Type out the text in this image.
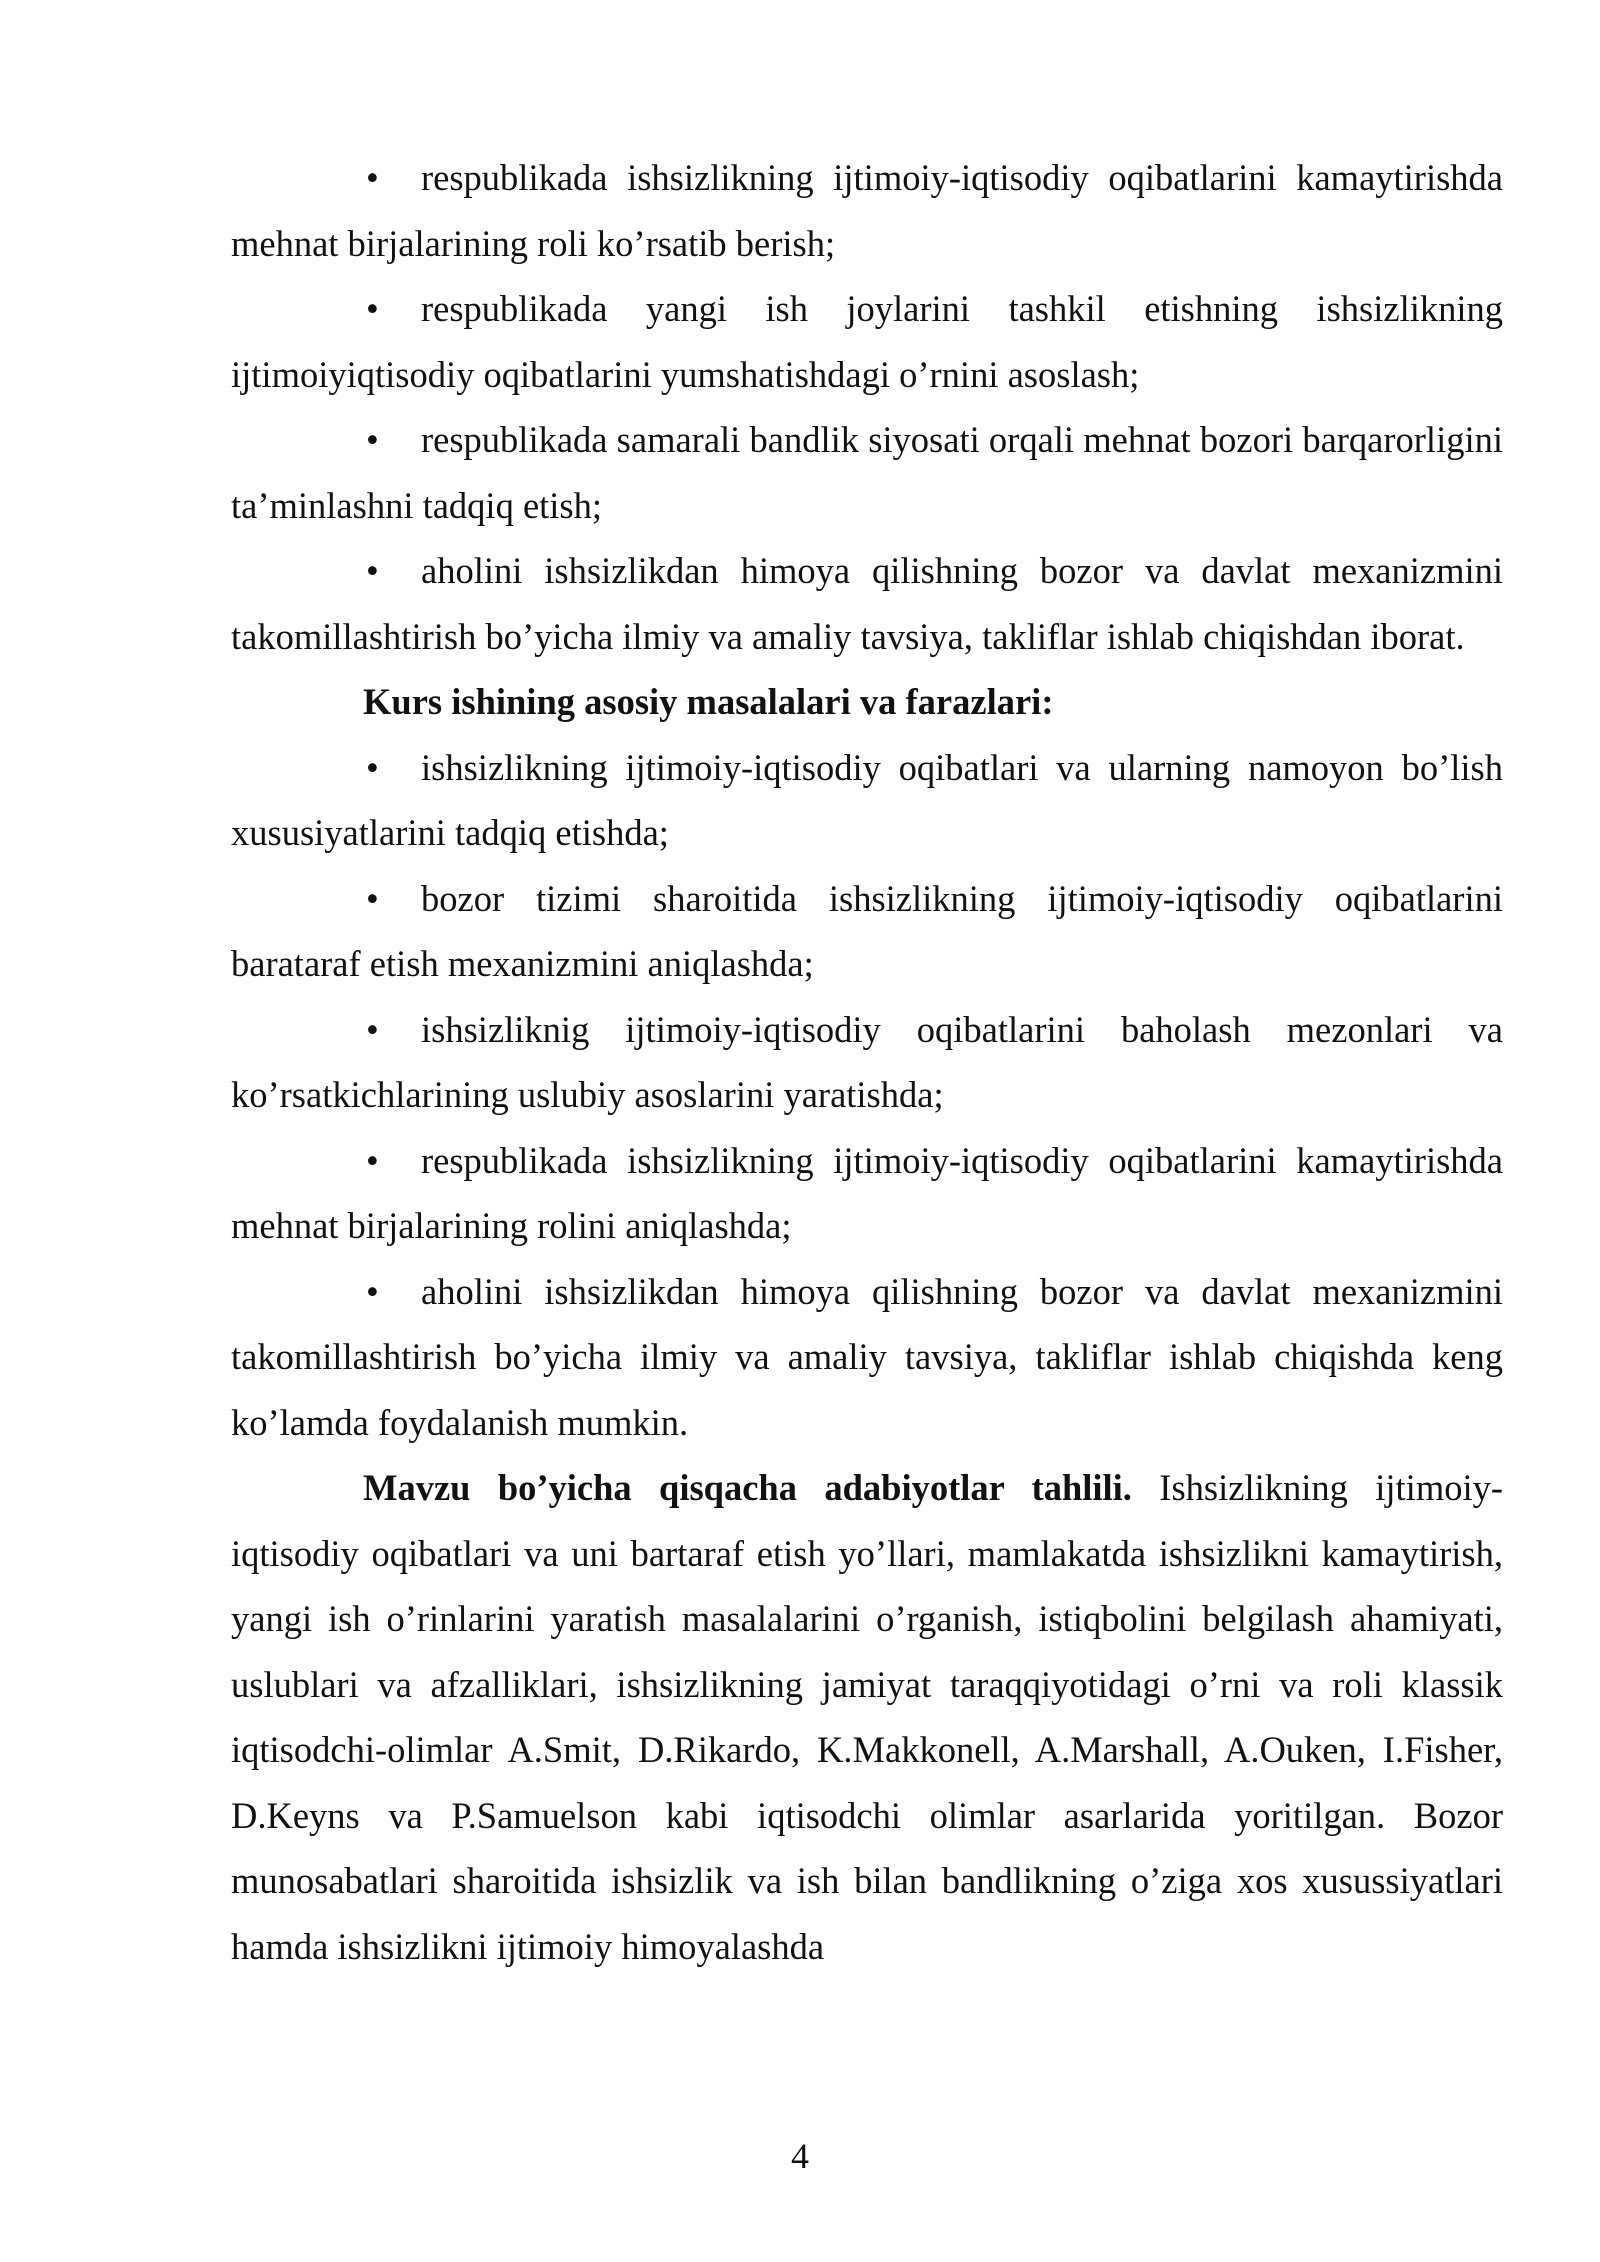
• respublikada ishsizlikning ijtimoiy-iqtisodiy oqibatlarini kamaytirishda mehnat birjalarining roli ko’rsatib berish;

• respublikada yangi ish joylarini tashkil etishning ishsizlikning ijtimoiyiqtisodiy oqibatlarini yumshatishdagi o’rnini asoslash;

• respublikada samarali bandlik siyosati orqali mehnat bozori barqarorligini ta’minlashni tadqiq etish;

• aholini ishsizlikdan himoya qilishning bozor va davlat mexanizmini takomillashtirish bo’yicha ilmiy va amaliy tavsiya, takliflar ishlab chiqishdan iborat.

Kurs ishining asosiy masalalari va farazlari:

• ishsizlikning ijtimoiy-iqtisodiy oqibatlari va ularning namoyon bo’lish xususiyatlarini tadqiq etishda;

• bozor tizimi sharoitida ishsizlikning ijtimoiy-iqtisodiy oqibatlarini barataraf etish mexanizmini aniqlashda;

• ishsizliknig ijtimoiy-iqtisodiy oqibatlarini baholash mezonlari va ko’rsatkichlarining uslubiy asoslarini yaratishda;

• respublikada ishsizlikning ijtimoiy-iqtisodiy oqibatlarini kamaytirishda mehnat birjalarining rolini aniqlashda;

• aholini ishsizlikdan himoya qilishning bozor va davlat mexanizmini takomillashtirish bo’yicha ilmiy va amaliy tavsiya, takliflar ishlab chiqishda keng ko’lamda foydalanish mumkin.

Mavzu bo’yicha qisqacha adabiyotlar tahlili. Ishsizlikning ijtimoiy-iqtisodiy oqibatlari va uni bartaraf etish yo’llari, mamlakatda ishsizlikni kamaytirish, yangi ish o’rinlarini yaratish masalalarini o’rganish, istiqbolini belgilash ahamiyati, uslublari va afzalliklari, ishsizlikning jamiyat taraqqiyotidagi o’rni va roli klassik iqtisodchi-olimlar A.Smit, D.Rikardo, K.Makkonell, A.Marshall, A.Ouken, I.Fisher, D.Keyns va P.Samuelson kabi iqtisodchi olimlar asarlarida yoritilgan. Bozor munosabatlari sharoitida ishsizlik va ish bilan bandlikning o’ziga xos xusussiyatlari hamda ishsizlikni ijtimoiy himoyalashda

4
